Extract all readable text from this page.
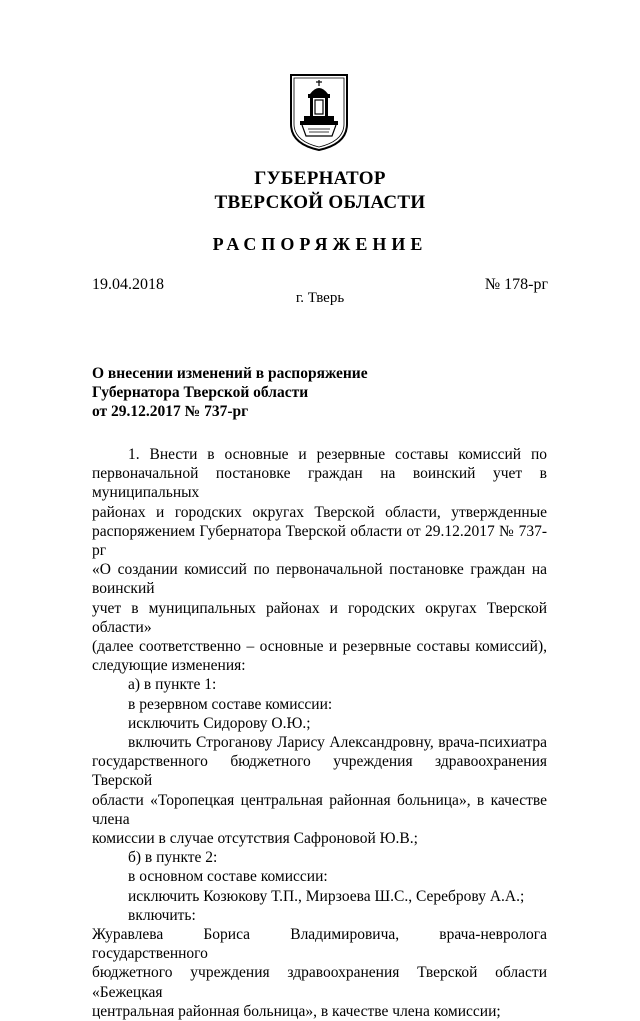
ГУБЕРНАТОР
ТВЕРСКОЙ ОБЛАСТИ
РАСПОРЯЖЕНИЕ
19.04.2018	№ 178-рг
г. Тверь
О внесении изменений в распоряжение
Губернатора Тверской области
от 29.12.2017 № 737-рг

1. Внести в основные и резервные составы комиссий по

первоначальной постановке граждан на воинский учет в муниципальных

районах и городских округах Тверской области, утвержденные

распоряжением Губернатора Тверской области от 29.12.2017 № 737-рг

«О создании комиссий по первоначальной постановке граждан на воинский

учет в муниципальных районах и городских округах Тверской области»

(далее соответственно – основные и резервные составы комиссий),

следующие изменения:

а) в пункте 1:

в резервном составе комиссии:

исключить Сидорову О.Ю.;

включить Строганову Ларису Александровну, врача-психиатра

государственного бюджетного учреждения здравоохранения Тверской

области «Торопецкая центральная районная больница», в качестве члена

комиссии в случае отсутствия Сафроновой Ю.В.;

б) в пункте 2:

в основном составе комиссии:

исключить Козюкову Т.П., Мирзоева Ш.С., Сереброву А.А.;

включить:

Журавлева Бориса Владимировича, врача-невролога государственного

бюджетного учреждения здравоохранения Тверской области «Бежецкая

центральная районная больница», в качестве члена комиссии;
